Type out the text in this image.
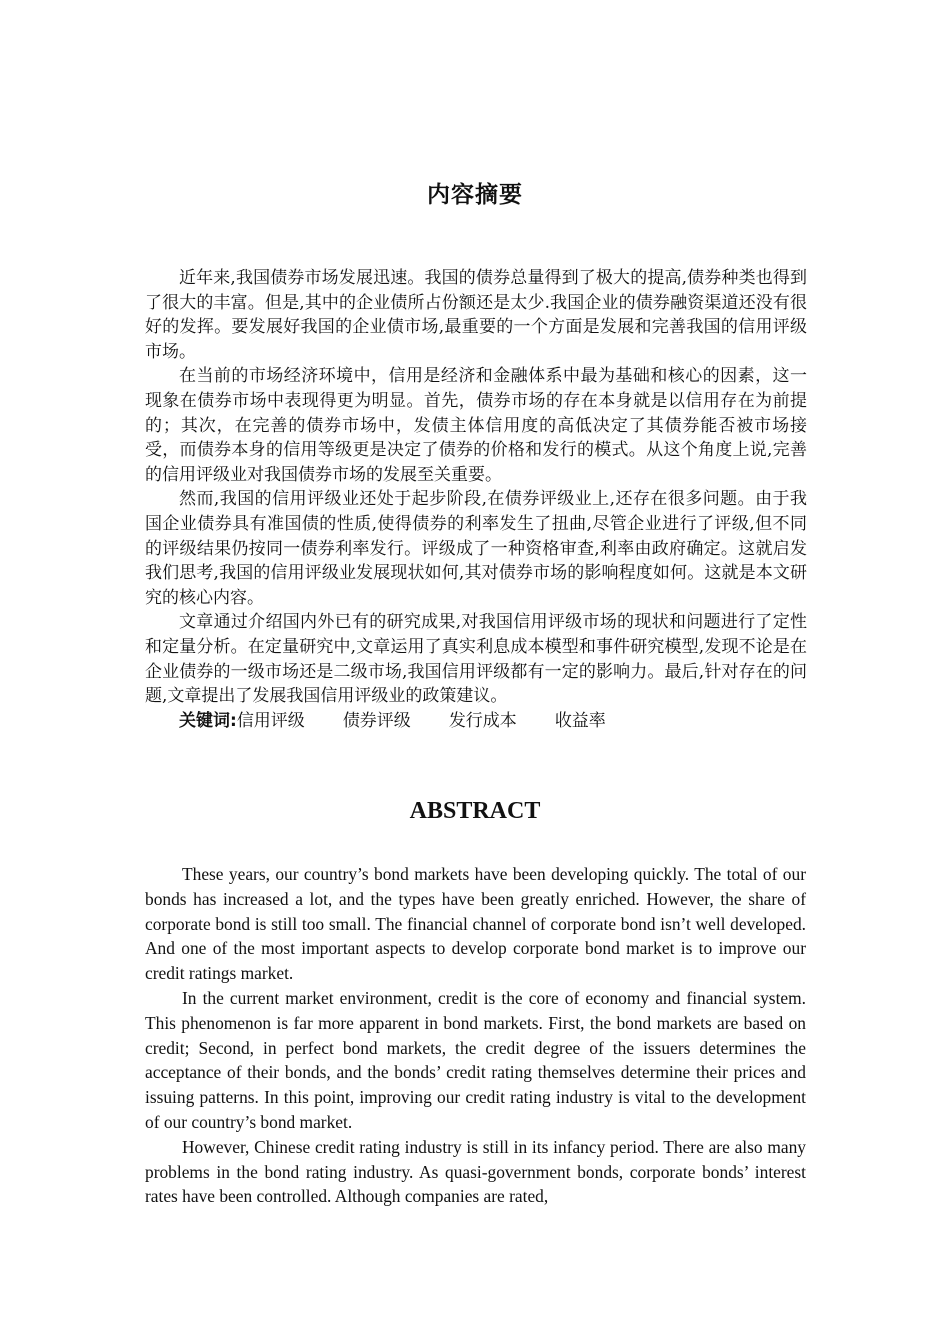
内容摘要

近年来,我国债券市场发展迅速。我国的债券总量得到了极大的提高,债券种类也得到了很大的丰富。但是,其中的企业债所占份额还是太少.我国企业的债券融资渠道还没有很好的发挥。要发展好我国的企业债市场,最重要的一个方面是发展和完善我国的信用评级市场。

在当前的市场经济环境中，信用是经济和金融体系中最为基础和核心的因素，这一现象在债券市场中表现得更为明显。首先，债券市场的存在本身就是以信用存在为前提的；其次，在完善的债券市场中，发债主体信用度的高低决定了其债券能否被市场接受，而债券本身的信用等级更是决定了债券的价格和发行的模式。从这个角度上说,完善的信用评级业对我国债券市场的发展至关重要。

然而,我国的信用评级业还处于起步阶段,在债券评级业上,还存在很多问题。由于我国企业债券具有准国债的性质,使得债券的利率发生了扭曲,尽管企业进行了评级,但不同的评级结果仍按同一债券利率发行。评级成了一种资格审查,利率由政府确定。这就启发我们思考,我国的信用评级业发展现状如何,其对债券市场的影响程度如何。这就是本文研究的核心内容。

文章通过介绍国内外已有的研究成果,对我国信用评级市场的现状和问题进行了定性和定量分析。在定量研究中,文章运用了真实利息成本模型和事件研究模型,发现不论是在企业债券的一级市场还是二级市场,我国信用评级都有一定的影响力。最后,针对存在的问题,文章提出了发展我国信用评级业的政策建议。

关键词:信用评级 债券评级 发行成本 收益率

ABSTRACT

These years, our country’s bond markets have been developing quickly. The total of our bonds has increased a lot, and the types have been greatly enriched. However, the share of corporate bond is still too small. The financial channel of corporate bond isn’t well developed. And one of the most important aspects to develop corporate bond market is to improve our credit ratings market.

In the current market environment, credit is the core of economy and financial system. This phenomenon is far more apparent in bond markets. First, the bond markets are based on credit; Second, in perfect bond markets, the credit degree of the issuers determines the acceptance of their bonds, and the bonds’ credit rating themselves determine their prices and issuing patterns. In this point, improving our credit rating industry is vital to the development of our country’s bond market.

However, Chinese credit rating industry is still in its infancy period. There are also many problems in the bond rating industry. As quasi-government bonds, corporate bonds’ interest rates have been controlled. Although companies are rated,
